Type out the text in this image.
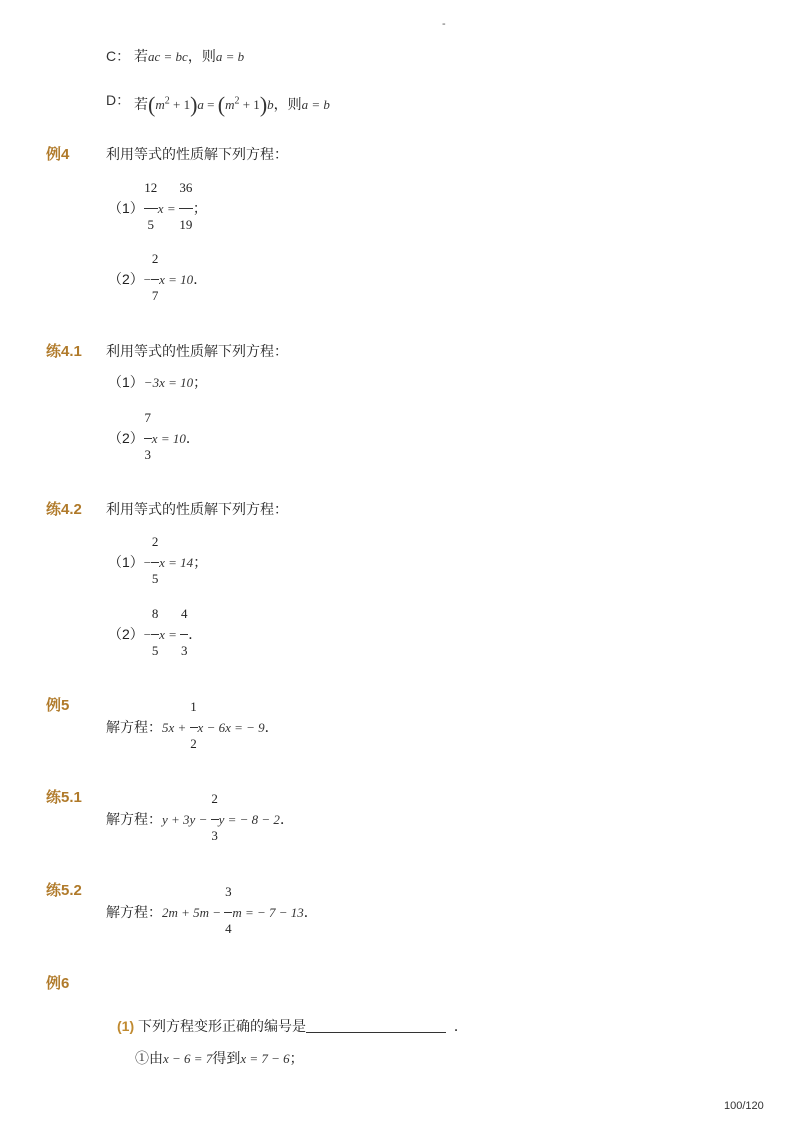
-
C： 若ac = bc，则a = b
D： 若$(m^2 + 1)a = (m^2 + 1)b$，则a = b
例4	利用等式的性质解下列方程：
$(1) \frac{12}{5}$ $x = \frac{36}{19}$ ；
$(2)- \frac{2}{7}$ x = 10．
练4.1 利用等式的性质解下列方程：
（1）−3x = 10；
$(2) \frac{7}{3}$ x = 10．
练4.2 利用等式的性质解下列方程：
$(1)- \frac{2}{5}$ x = 14；
$(2)- \frac{8}{5}$ $x = \frac{4}{3}$ ．
例5
解方程：$5x + \frac{1}{2}$ x − 6x = − 9．
练5.1
解方程：$y + 3y - \frac{2}{3}$ y = − 8 − 2．
练5.2
解方程：$2m + 5m - \frac{3}{4}$ m = − 7 − 13．
例6
(1) 下列方程变形正确的编号是	．
①由x − 6 = 7得到x = 7 − 6；
100/120
